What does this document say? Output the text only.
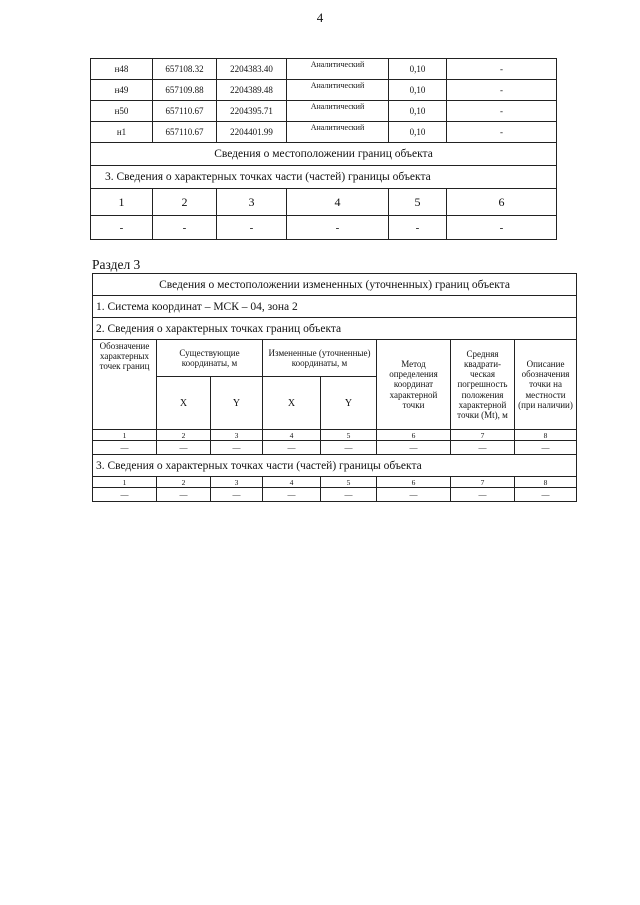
4
н48	657108.32	2204383.40	Аналитический	0,10	-
н49	657109.88	2204389.48	Аналитический	0,10	-
н50	657110.67	2204395.71	Аналитический	0,10	-
н1	657110.67	2204401.99	Аналитический	0,10	-
Сведения о местоположении границ объекта					
3. Сведения о характерных точках части (частей) границы объекта					
1	2	3	4	5	6
-	-	-	-	-	-
Раздел 3
Сведения о местоположении измененных (уточненных) границ объекта							
1. Система координат – МСК – 04, зона 2							
2. Сведения о характерных точках границ объекта							
Обозначение характерных точек границ	Существующие координаты, м		Измененные (уточненные) координаты, м		Метод определения координат характерной точки	Средняя квадрати-ческая погрешность положения характерной точки (Mt), м	Описание обозначения точки на местности (при наличии)
	X	Y	X	Y			
1	2	3	4	5	6	7	8
—	—	—	—	—	—	—	—
3. Сведения о характерных точках части (частей) границы объекта							
1	2	3	4	5	6	7	8
—	—	—	—	—	—	—	—
